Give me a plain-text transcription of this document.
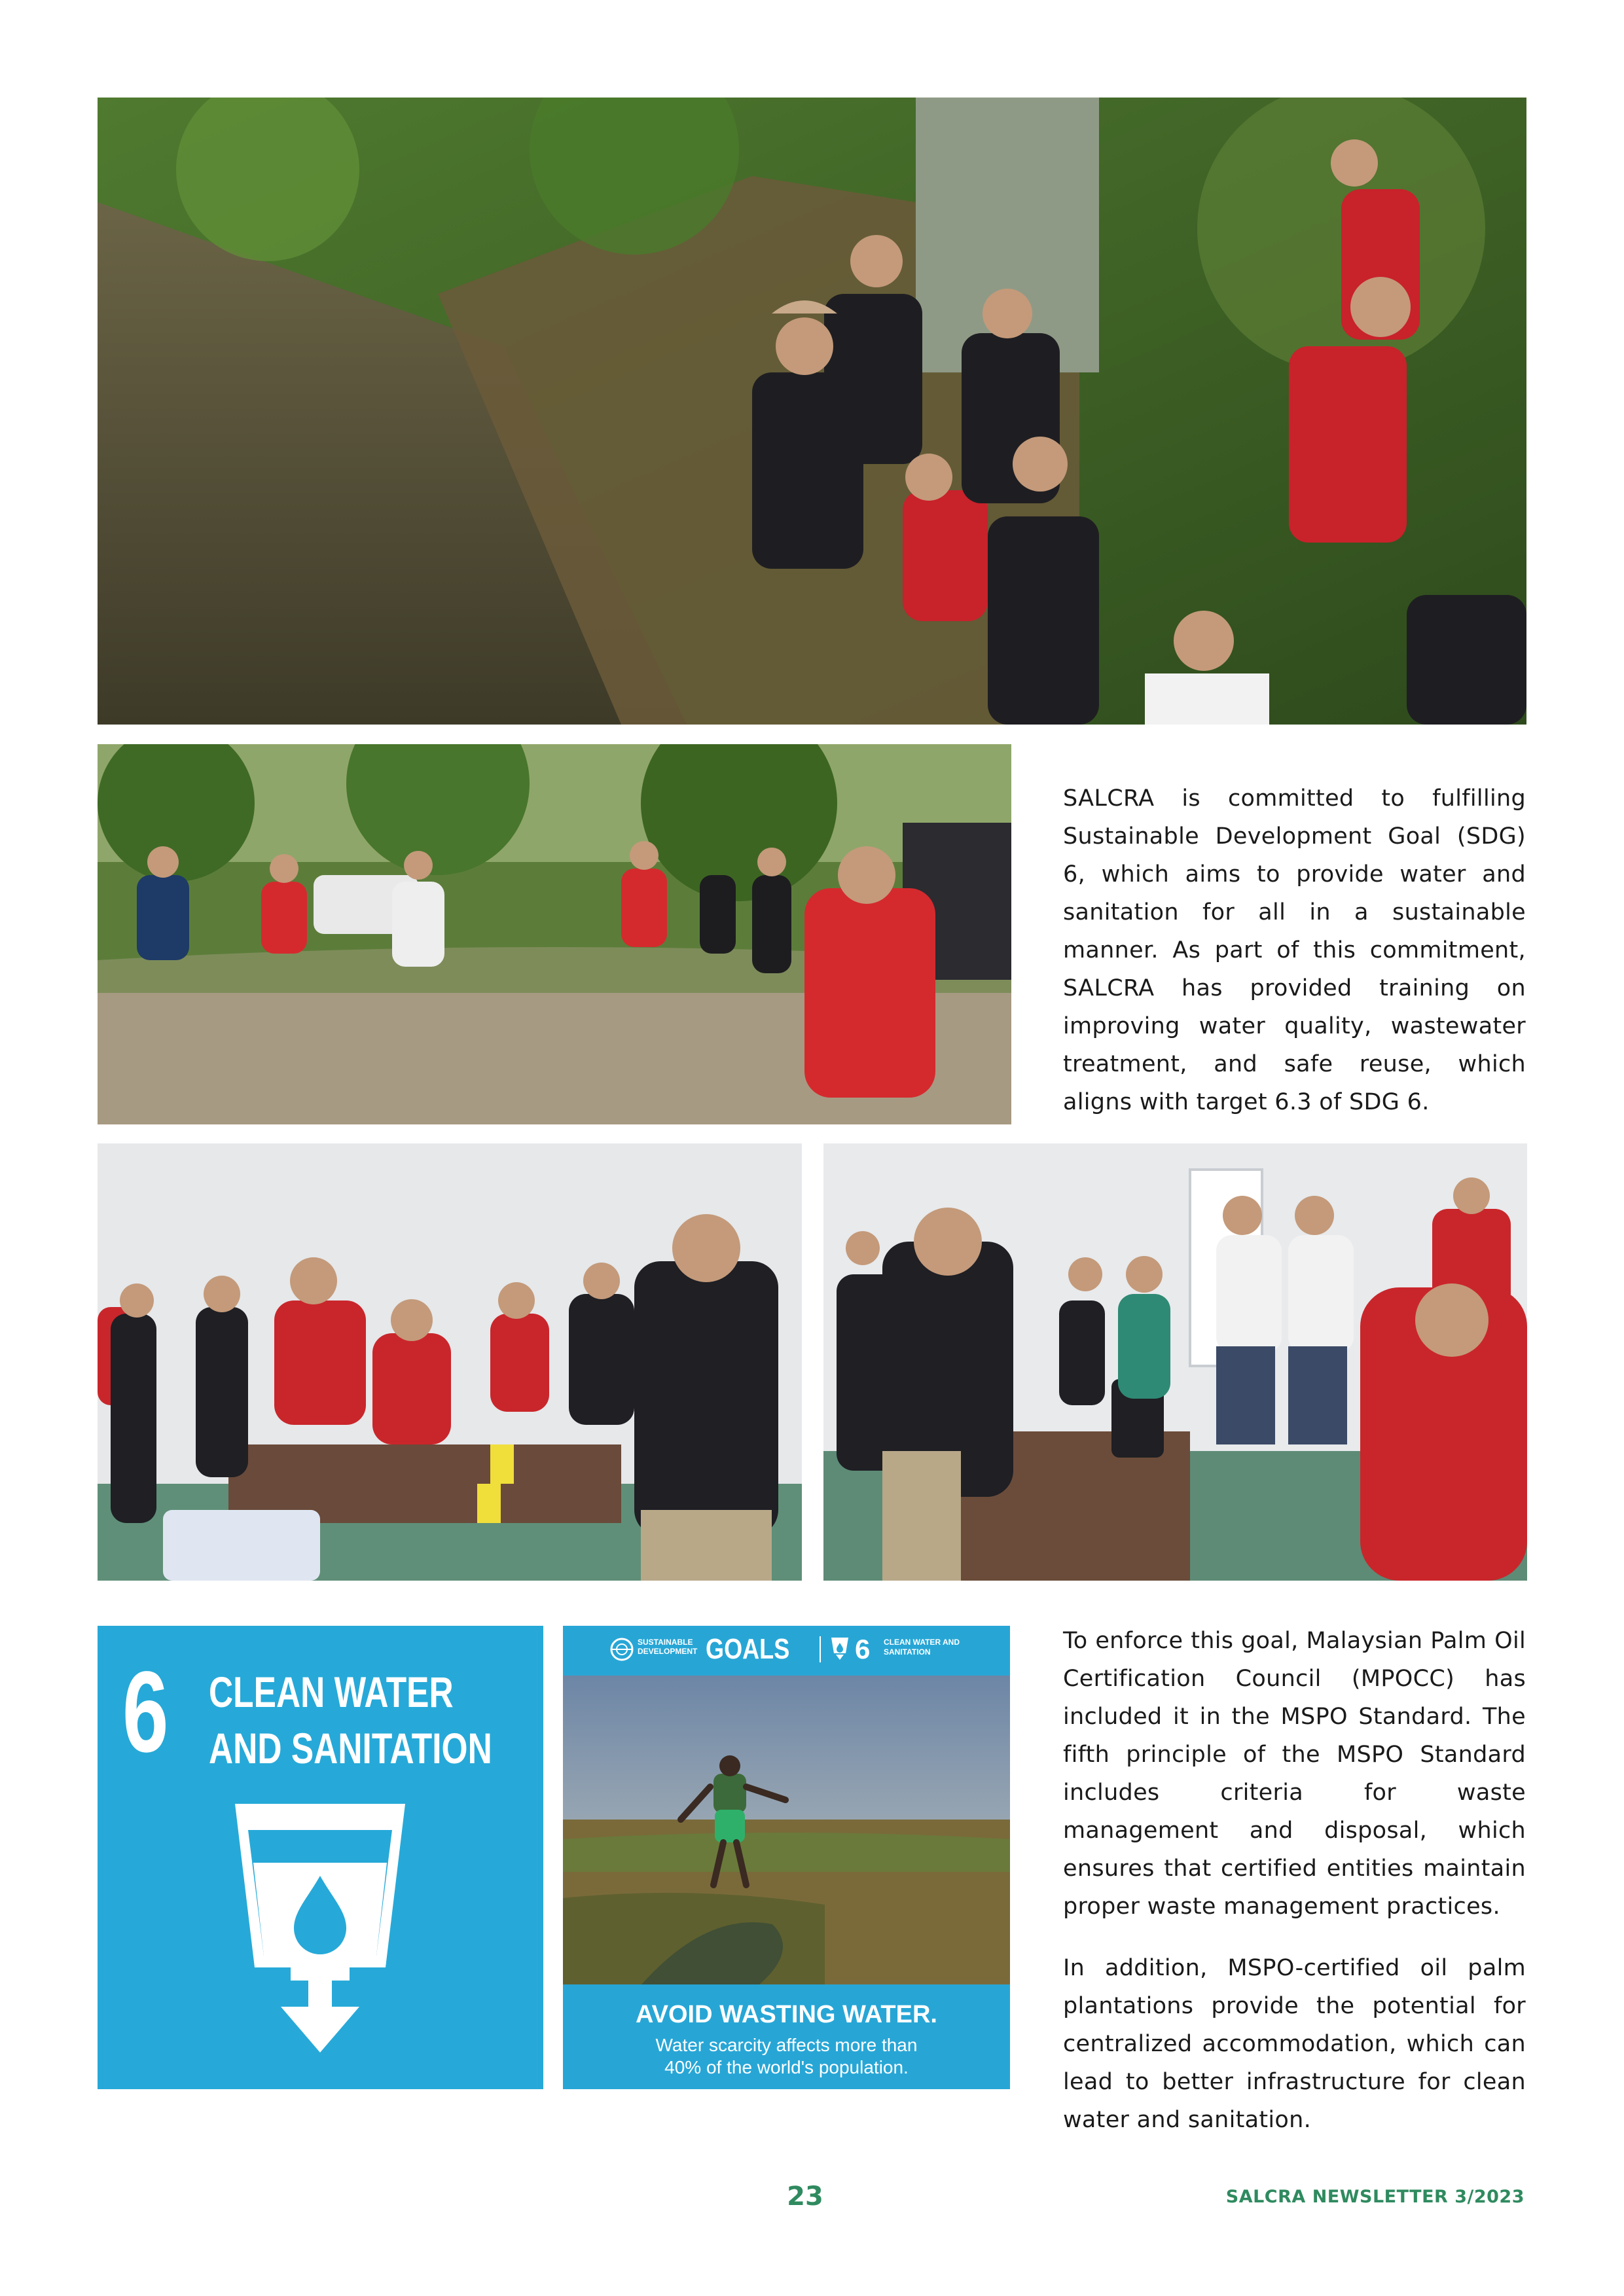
SALCRA is committed to fulfilling Sustainable Development Goal (SDG) 6, which aims to provide water and sanitation for all in a sustainable manner. As part of this commitment, SALCRA has provided training on improving water quality, wastewater treatment, and safe reuse, which aligns with target 6.3 of SDG 6.

6 CLEAN WATER
AND SANITATION
SUSTAINABLE DEVELOPMENT GOALS 6 CLEAN WATER AND SANITATION
AVOID WASTING WATER.
Water scarcity affects more than
40% of the world's population.

To enforce this goal, Malaysian Palm Oil Certification Council (MPOCC) has included it in the MSPO Standard. The fifth principle of the MSPO Standard includes criteria for waste management and disposal, which ensures that certified entities maintain proper waste management practices.

In addition, MSPO-certified oil palm plantations provide the potential for centralized accommodation, which can lead to better infrastructure for clean water and sanitation.

23	SALCRA NEWSLETTER 3/2023
